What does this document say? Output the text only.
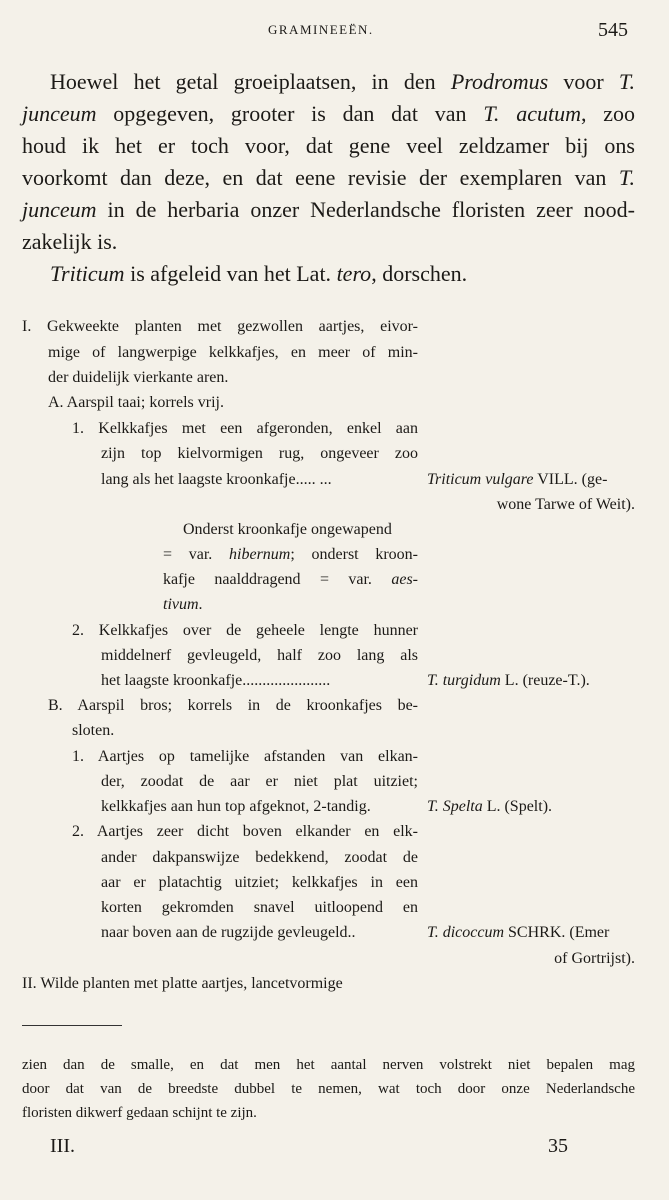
GRAMINEEËN.	545
Hoewel het getal groeiplaatsen, in den Prodromus voor T.
junceum opgegeven, grooter is dan dat van T. acutum, zoo
houd ik het er toch voor, dat gene veel zeldzamer bij ons
voorkomt dan deze, en dat eene revisie der exemplaren van T.
junceum in de herbaria onzer Nederlandsche floristen zeer nood-
zakelijk is.
Triticum is afgeleid van het Lat. tero, dorschen.
I. Gekweekte planten met gezwollen aartjes, eivor-
mige of langwerpige kelkkafjes, en meer of min-
der duidelijk vierkante aren.
A. Aarspil taai; korrels vrij.
1. Kelkkafjes met een afgeronden, enkel aan
zijn top kielvormigen rug, ongeveer zoo
lang als het laagste kroonkafje..... ...	Triticum vulgare VILL. (ge-
wone Tarwe of Weit).
Onderst kroonkafje ongewapend
= var. hibernum; onderst kroon-
kafje naalddragend = var. aes-
tivum.
2. Kelkkafjes over de geheele lengte hunner
middelnerf gevleugeld, half zoo lang als
het laagste kroonkafje......................	T. turgidum L. (reuze-T.).
B. Aarspil bros; korrels in de kroonkafjes be-
sloten.
1. Aartjes op tamelijke afstanden van elkan-
der, zoodat de aar er niet plat uitziet;
kelkkafjes aan hun top afgeknot, 2-tandig.	T. Spelta L. (Spelt).
2. Aartjes zeer dicht boven elkander en elk-
ander dakpanswijze bedekkend, zoodat de
aar er platachtig uitziet; kelkkafjes in een
korten gekromden snavel uitloopend en
naar boven aan de rugzijde gevleugeld..	T. dicoccum SCHRK. (Emer
of Gortrijst).
II. Wilde planten met platte aartjes, lancetvormige
zien dan de smalle, en dat men het aantal nerven volstrekt niet bepalen mag
door dat van de breedste dubbel te nemen, wat toch door onze Nederlandsche
floristen dikwerf gedaan schijnt te zijn.
III.	35
